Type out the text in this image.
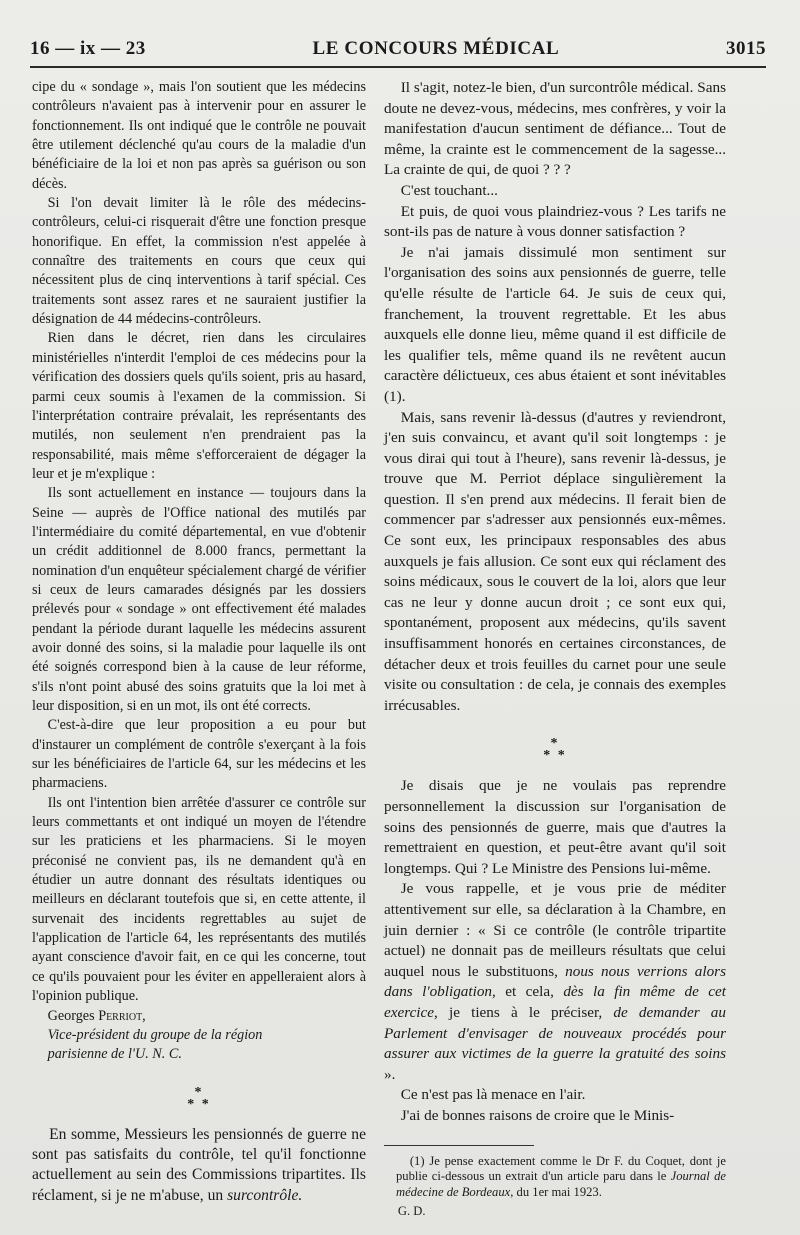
16 — ix — 23	LE CONCOURS MÉDICAL	3015

cipe du « sondage », mais l'on soutient que les médecins contrôleurs n'avaient pas à intervenir pour en assurer le fonctionnement. Ils ont indiqué que le contrôle ne pouvait être utilement déclenché qu'au cours de la maladie d'un bénéficiaire de la loi et non pas après sa guérison ou son décès.

Si l'on devait limiter là le rôle des médecins-contrôleurs, celui-ci risquerait d'être une fonction presque honorifique. En effet, la commission n'est appelée à connaître des traitements en cours que ceux qui nécessitent plus de cinq interventions à tarif spécial. Ces traitements sont assez rares et ne sauraient justifier la désignation de 44 médecins-contrôleurs.

Rien dans le décret, rien dans les circulaires ministérielles n'interdit l'emploi de ces médecins pour la vérification des dossiers quels qu'ils soient, pris au hasard, parmi ceux soumis à l'examen de la commission. Si l'interprétation contraire prévalait, les représentants des mutilés, non seulement n'en prendraient pas la responsabilité, mais même s'efforceraient de dégager la leur et je m'explique :

Ils sont actuellement en instance — toujours dans la Seine — auprès de l'Office national des mutilés par l'intermédiaire du comité départemental, en vue d'obtenir un crédit additionnel de 8.000 francs, permettant la nomination d'un enquêteur spécialement chargé de vérifier si ceux de leurs camarades désignés par les dossiers prélevés pour « sondage » ont effectivement été malades pendant la période durant laquelle les médecins assurent avoir donné des soins, si la maladie pour laquelle ils ont été soignés correspond bien à la cause de leur réforme, s'ils n'ont point abusé des soins gratuits que la loi met à leur disposition, si en un mot, ils ont été corrects.

C'est-à-dire que leur proposition a eu pour but d'instaurer un complément de contrôle s'exerçant à la fois sur les bénéficiaires de l'article 64, sur les médecins et les pharmaciens.

Ils ont l'intention bien arrêtée d'assurer ce contrôle sur leurs commettants et ont indiqué un moyen de l'étendre sur les praticiens et les pharmaciens. Si le moyen préconisé ne convient pas, ils ne demandent qu'à en étudier un autre donnant des résultats identiques ou meilleurs en déclarant toutefois que si, en cette attente, il survenait des incidents regrettables au sujet de l'application de l'article 64, les représentants des mutilés ayant conscience d'avoir fait, en ce qui les concerne, tout ce qu'ils pouvaient pour les éviter en appelleraient alors à l'opinion publique.

Georges Perriot,

Vice-président du groupe de la région

parisienne de l'U. N. C.

*
* *

En somme, Messieurs les pensionnés de guerre ne sont pas satisfaits du contrôle, tel qu'il fonctionne actuellement au sein des Commissions tripartites. Ils réclament, si je ne m'abuse, un surcontrôle.

Il s'agit, notez-le bien, d'un surcontrôle médical. Sans doute ne devez-vous, médecins, mes confrères, y voir la manifestation d'aucun sentiment de défiance... Tout de même, la crainte est le commencement de la sagesse... La crainte de qui, de quoi ? ? ?

C'est touchant...

Et puis, de quoi vous plaindriez-vous ? Les tarifs ne sont-ils pas de nature à vous donner satisfaction ?

Je n'ai jamais dissimulé mon sentiment sur l'organisation des soins aux pensionnés de guerre, telle qu'elle résulte de l'article 64. Je suis de ceux qui, franchement, la trouvent regrettable. Et les abus auxquels elle donne lieu, même quand il est difficile de les qualifier tels, même quand ils ne revêtent aucun caractère délictueux, ces abus étaient et sont inévitables (1).

Mais, sans revenir là-dessus (d'autres y reviendront, j'en suis convaincu, et avant qu'il soit longtemps : je vous dirai qui tout à l'heure), sans revenir là-dessus, je trouve que M. Perriot déplace singulièrement la question. Il s'en prend aux médecins. Il ferait bien de commencer par s'adresser aux pensionnés eux-mêmes. Ce sont eux, les principaux responsables des abus auxquels je fais allusion. Ce sont eux qui réclament des soins médicaux, sous le couvert de la loi, alors que leur cas ne leur y donne aucun droit ; ce sont eux qui, spontanément, proposent aux médecins, qu'ils savent insuffisamment honorés en certaines circonstances, de détacher deux et trois feuilles du carnet pour une seule visite ou consultation : de cela, je connais des exemples irrécusables.

*
* *

Je disais que je ne voulais pas reprendre personnellement la discussion sur l'organisation de soins des pensionnés de guerre, mais que d'autres la remettraient en question, et peut-être avant qu'il soit longtemps. Qui ? Le Ministre des Pensions lui-même.

Je vous rappelle, et je vous prie de méditer attentivement sur elle, sa déclaration à la Chambre, en juin dernier : « Si ce contrôle (le contrôle tripartite actuel) ne donnait pas de meilleurs résultats que celui auquel nous le substituons, nous nous verrions alors dans l'obligation, et cela, dès la fin même de cet exercice, je tiens à le préciser, de demander au Parlement d'envisager de nouveaux procédés pour assurer aux victimes de la guerre la gratuité des soins ».

Ce n'est pas là menace en l'air.

J'ai de bonnes raisons de croire que le Minis-

(1) Je pense exactement comme le Dr F. du Coquet, dont je publie ci-dessous un extrait d'un article paru dans le Journal de médecine de Bordeaux, du 1er mai 1923.

G. D.
